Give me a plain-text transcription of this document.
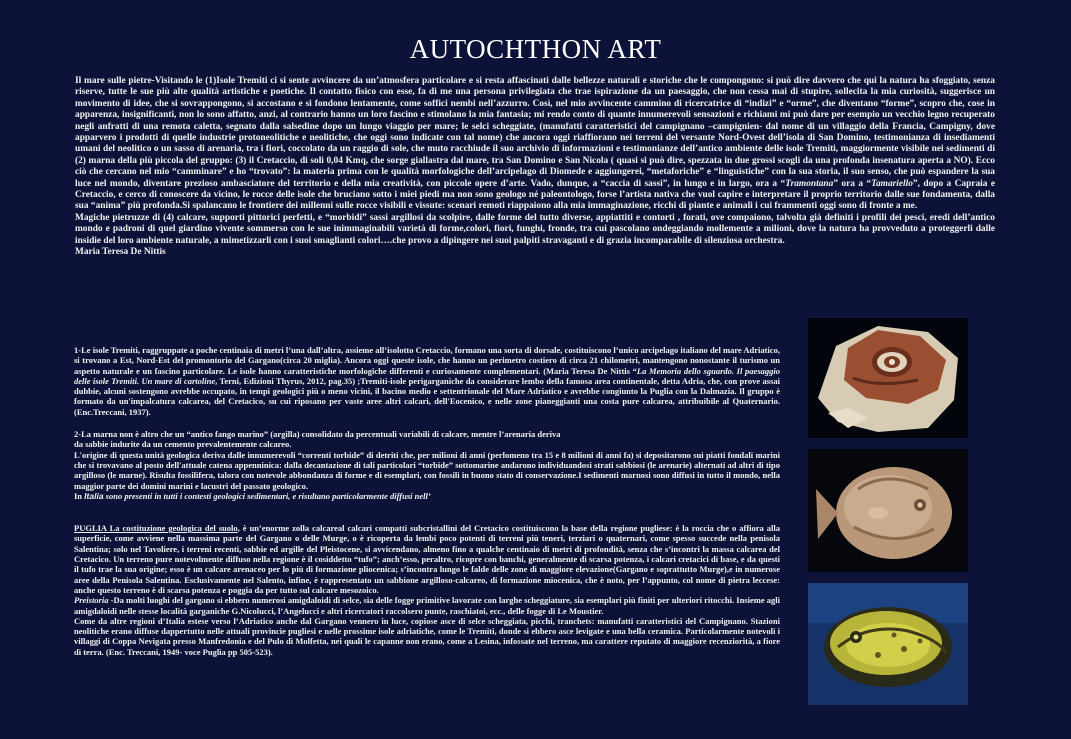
AUTOCHTHON ART

Il mare sulle pietre-Visitando le (1)Isole Tremiti ci si sente avvincere da un’atmosfera particolare e si resta affascinati dalle bellezze naturali e storiche che le compongono: si può dire davvero che qui la natura ha sfoggiato, senza riserve, tutte le sue più alte qualità artistiche e poetiche. Il contatto fisico con esse, fa di me una persona privilegiata che trae ispirazione da un paesaggio, che non cessa mai di stupire, sollecita la mia curiosità, suggerisce un movimento di idee, che si sovrappongono, si accostano e si fondono lentamente, come soffici nembi nell’azzurro. Così, nel mio avvincente cammino di ricercatrice di “indizi” e “orme”, che diventano “forme”, scopro che, cose in apparenza, insignificanti, non lo sono affatto, anzi, al contrario hanno un loro fascino e stimolano la mia fantasia; mi rendo conto di quante innumerevoli sensazioni e richiami mi può dare per esempio un vecchio legno recuperato negli anfratti di una remota caletta, segnato dalla salsedine dopo un lungo viaggio per mare; le selci scheggiate, (manufatti caratteristici del campignano –campignien- dal nome di un villaggio della Francia, Campigny, dove apparvero i prodotti di quelle industrie protoneolitiche e neolitiche, che oggi sono indicate con tal nome) che ancora oggi riaffiorano nei terreni del versante Nord-Ovest dell’isola di San Domino, testimonianza di insediamenti umani del neolitico o un sasso di arenaria, tra i fiori, coccolato da un raggio di sole, che muto racchiude il suo archivio di informazioni e testimonianze dell’antico ambiente delle isole Tremiti, maggiormente visibile nei sedimenti di (2) marna della più piccola del gruppo: (3) il Cretaccio, di soli 0,04 Kmq, che sorge giallastra dal mare, tra San Domino e San Nicola ( quasi si può dire, spezzata in due grossi scogli da una profonda insenatura aperta a NO). Ecco ciò che cercano nel mio “camminare” e ho “trovato”: la materia prima con le qualità morfologiche dell’arcipelago di Diomede e aggiungerei, “metaforiche” e “linguistiche” con la sua storia, il suo senso, che può espandere la sua luce nel mondo, diventare prezioso ambasciatore del territorio e della mia creatività, con piccole opere d’arte. Vado, dunque, a “caccia di sassi”, in lungo e in largo, ora a “Tramontana” ora a “Tamariello”, dopo a Capraia e Cretaccio, e cerco di conoscere da vicino, le rocce delle isole che bruciano sotto i miei piedi ma non sono geologo né paleontologo, forse l’artista nativa che vuol capire e interpretare il proprio territorio dalle sue fondamenta, dalla sua “anima” più profonda.Si spalancano le frontiere dei millenni sulle rocce visibili e vissute: scenari remoti riappaiono alla mia immaginazione, ricchi di piante e animali i cui frammenti oggi sono di fronte a me.

Magiche pietruzze di (4) calcare, supporti pittorici perfetti, e “morbidi” sassi argillosi da scolpire, dalle forme del tutto diverse, appiattiti e contorti , forati, ove compaiono, talvolta già definiti i profili dei pesci, eredi dell’antico mondo e padroni di quel giardino vivente sommerso con le sue inimmaginabili varietà di forme,colori, fiori, funghi, fronde, tra cui pascolano ondeggiando mollemente a milioni, dove la natura ha provveduto a proteggerli dalle insidie del loro ambiente naturale, a mimetizzarli con i suoi smaglianti colori….che provo a dipingere nei suoi palpiti stravaganti e di grazia incomparabile di silenziosa orchestra.

Maria Teresa De Nittis

1-Le isole Tremiti, raggruppate a poche centinaia di metri l’una dall’altra, assieme all’isolotto Cretaccio, formano una sorta di dorsale, costituiscono l’unico arcipelago italiano del mare Adriatico, si trovano a Est, Nord-Est del promontorio del Gargano(circa 20 miglia). Ancora oggi queste isole, che hanno un perimetro costiero di circa 21 chilometri, mantengono nonostante il turismo un aspetto naturale e un fascino particolare. Le isole hanno caratteristiche morfologiche differenti e curiosamente complementari. (Maria Teresa De Nittis “La Memoria dello sguardo. Il paesaggio delle isole Tremiti. Un mare di cartoline, Terni, Edizioni Thyrus, 2012, pag.35) ;Tremiti-isole perigarganiche da considerare lembo della famosa area continentale, detta Adria, che, con prove assai dubbie, alcuni sostengono avrebbe occupato, in tempi geologici più o meno vicini, il bacino medio e settentrionale del Mare Adriatico e avrebbe congiunto la Puglia con la Dalmazia. Il gruppo è formato da un'impalcatura calcarea, del Cretacico, su cui riposano per vaste aree altri calcari, dell'Eocenico, e nelle zone pianeggianti una costa pure calcarea, attribuibile al Quaternario. (Enc.Treccani, 1937).

2-La marna non è altro che un “antico fango marino” (argilla) consolidato da percentuali variabili di calcare, mentre l’arenaria deriva
da sabbie indurite da un cemento prevalentemente calcareo.

L'origine di questa unità geologica deriva dalle innumerevoli “correnti torbide” di detriti che, per milioni di anni (perlomeno tra 15 e 8 milioni di anni fa) si depositarono sui piatti fondali marini che si trovavano al posto dell'attuale catena appenninica: dalla decantazione di tali particolari “torbide” sottomarine andarono individuandosi strati sabbiosi (le arenarie) alternati ad altri di tipo argilloso (le marne). Risulta fossilifera, talora con notevole abbondanza di forme e di esemplari, con fossili in buono stato di conservazione.I sedimenti marnosi sono diffusi in tutto il mondo, nella maggior parte dei domini marini e lacustri del passato geologico.

In Italia sono presenti in tutti i contesti geologici sedimentari, e risultano particolarmente diffusi nell’

PUGLIA La costituzione geologica del suolo, è un’enorme zolla calcareal calcari compatti subcristallini del Cretacico costituiscono la base della regione pugliese: è la roccia che o affiora alla superficie, come avviene nella massima parte del Gargano o delle Murge, o è ricoperta da lembi poco potenti di terreni più teneri, terziari o quaternari, come spesso succede nella penisola Salentina; solo nel Tavoliere, i terreni recenti, sabbie ed argille del Pleistocene, si avvicendano, almeno fino a qualche centinaio di metri di profondità, senza che s’incontri la massa calcarea del Cretacico. Un terreno pure notevolmente diffuso nella regione è il cosiddetto “tufo”; anch’esso, peraltro, ricopre con banchi, generalmente di scarsa potenza, i calcari cretacici di base, e da questi il tufo trae la sua origine; esso è un calcare arenaceo per lo più di formazione pliocenica; s’incontra lungo le falde delle zone di maggiore elevazione(Gargano e soprattutto Murge),e in numerose aree della Penisola Salentina. Esclusivamente nel Salento, infine, è rappresentato un sabbione argilloso-calcareo, di formazione miocenica, che è noto, per l’appunto, col nome di pietra leccese: anche questo terreno è di scarsa potenza e poggia da per tutto sul calcare mesozoico.

Preistoria -Da molti luoghi del gargano si ebbero numerosi amigdaloidi di selce, sia delle fogge primitive lavorate con larghe scheggiature, sia esemplari più finiti per ulteriori ritocchi. Insieme agli amigdaloidi nelle stesse località garganiche G.Nicolucci, l’Angelucci e altri ricercatori raccolsero punte, raschiatoi, ecc., delle fogge di Le Moustier.

Come da altre regioni d’Italia estese verso l’Adriatico anche dal Gargano vennero in luce, copiose asce di selce scheggiata, picchi, tranchets: manufatti caratteristici del Campignano. Stazioni neolitiche erano diffuse dappertutto nelle attuali provincie pugliesi e nelle prossime isole adriatiche, come le Tremiti, donde si ebbero asce levigate e una bella ceramica. Particolarmente notevoli i villaggi di Coppa Nevigata presso Manfredonia e del Pulo di Molfetta, nei quali le capanne non erano, come a Lesina, infossate nel terreno, ma carattere reputato di maggiore recenziorità, a fiore di terra. (Enc. Treccani, 1949- voce Puglia pp 505-523).
